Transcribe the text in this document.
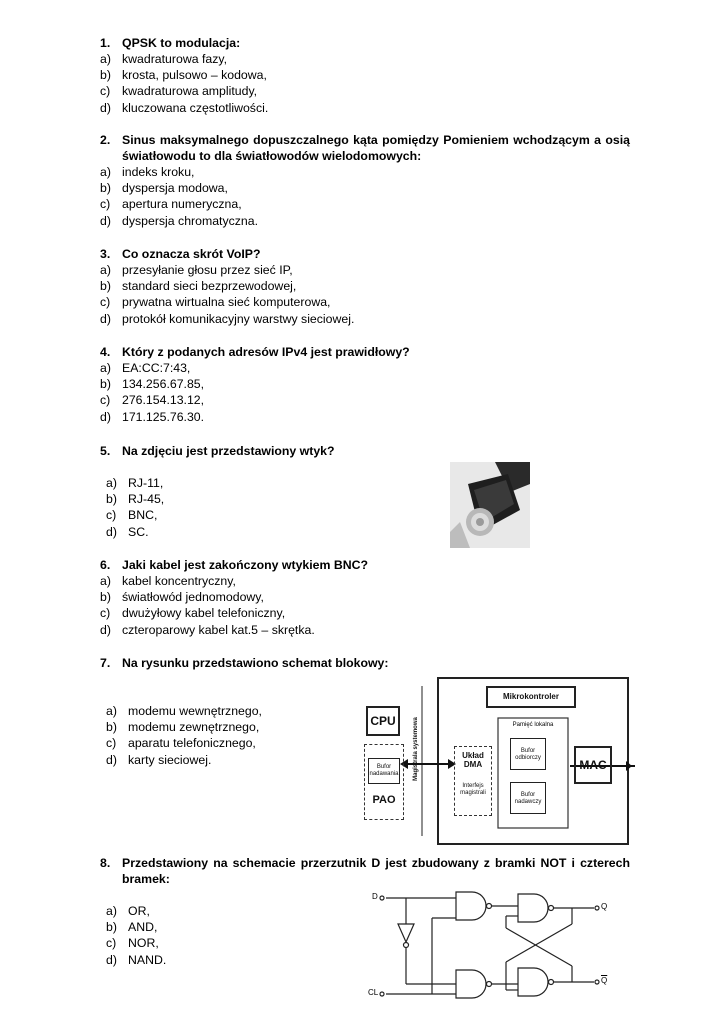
1. QPSK to modulacja:
a) kwadraturowa fazy,
b) krosta, pulsowo – kodowa,
c) kwadraturowa amplitudy,
d) kluczowana częstotliwości.
2. Sinus maksymalnego dopuszczalnego kąta pomiędzy Pomieniem wchodzącym a osią światłowodu to dla światłowodów wielodomowych:
a) indeks kroku,
b) dyspersja modowa,
c) apertura numeryczna,
d) dyspersja chromatyczna.
3. Co oznacza skrót VoIP?
a) przesyłanie głosu przez sieć IP,
b) standard sieci bezprzewodowej,
c) prywatna wirtualna sieć komputerowa,
d) protokół komunikacyjny warstwy sieciowej.
4. Który z podanych adresów IPv4 jest prawidłowy?
a) EA:CC:7:43,
b) 134.256.67.85,
c) 276.154.13.12,
d) 171.125.76.30.
5. Na zdjęciu jest przedstawiony wtyk?
a) RJ-11,
b) RJ-45,
c) BNC,
d) SC.
6. Jaki kabel jest zakończony wtykiem BNC?
a) kabel koncentryczny,
b) światłowód jednomodowy,
c) dwużyłowy kabel telefoniczny,
d) czteroparowy kabel kat.5 – skrętka.
7. Na rysunku przedstawiono schemat blokowy:
a) modemu wewnętrznego,
b) modemu zewnętrznego,
c) aparatu telefonicznego,
d) karty sieciowej.
CPU
Bufor nadawania
PAO
Magistrala systemowa
Mikrokontroler
Układ DMA
Interfejs magistrali
Pamięć lokalna
Bufor odbiorczy
Bufor nadawczy
MAC
8. Przedstawiony na schemacie przerzutnik D jest zbudowany z bramki NOT i czterech bramek:
a) OR,
b) AND,
c) NOR,
d) NAND.
D
CL
Q
$\overline{Q}$
